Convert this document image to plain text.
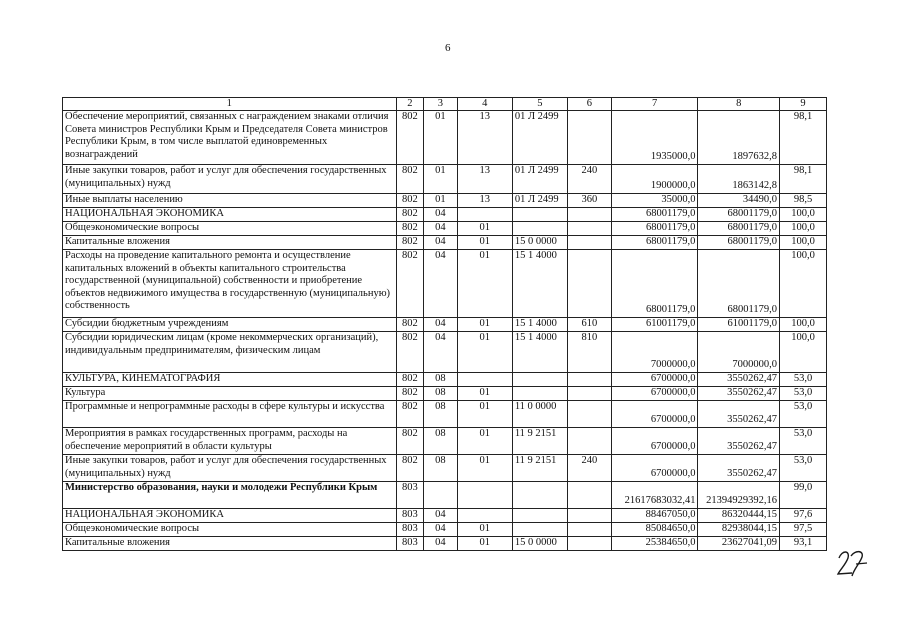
6
1	2	3	4	5	6	7	8	9
Обеспечение мероприятий, связанных с награждением знаками отличия Совета министров Республики Крым и Председателя Совета министров Республики Крым, в том числе выплатой единовременных вознаграждений	802	01	13	01 Л 2499		1935000,0	1897632,8	98,1
Иные закупки товаров, работ и услуг для обеспечения государственных (муниципальных) нужд	802	01	13	01 Л 2499	240	1900000,0	1863142,8	98,1
Иные выплаты населению	802	01	13	01 Л 2499	360	35000,0	34490,0	98,5
НАЦИОНАЛЬНАЯ ЭКОНОМИКА	802	04				68001179,0	68001179,0	100,0
Общеэкономические вопросы	802	04	01			68001179,0	68001179,0	100,0
Капитальные вложения	802	04	01	15 0 0000		68001179,0	68001179,0	100,0
Расходы на проведение капитального ремонта и осуществление капитальных вложений в объекты капитального строительства государственной (муниципальной) собственности и приобретение объектов недвижимого имущества в государственную (муниципальную) собственность	802	04	01	15 1 4000		68001179,0	68001179,0	100,0
Субсидии бюджетным учреждениям	802	04	01	15 1 4000	610	61001179,0	61001179,0	100,0
Субсидии юридическим лицам (кроме некоммерческих организаций), индивидуальным предпринимателям, физическим лицам	802	04	01	15 1 4000	810	7000000,0	7000000,0	100,0
КУЛЬТУРА, КИНЕМАТОГРАФИЯ	802	08				6700000,0	3550262,47	53,0
Культура	802	08	01			6700000,0	3550262,47	53,0
Программные и непрограммные расходы в сфере культуры и искусства	802	08	01	11 0 0000		6700000,0	3550262,47	53,0
Мероприятия в рамках государственных программ, расходы на обеспечение мероприятий в области культуры	802	08	01	11 9 2151		6700000,0	3550262,47	53,0
Иные закупки товаров, работ и услуг для обеспечения государственных (муниципальных) нужд	802	08	01	11 9 2151	240	6700000,0	3550262,47	53,0
Министерство образования, науки и молодежи Республики Крым	803					21617683032,41	21394929392,16	99,0
НАЦИОНАЛЬНАЯ ЭКОНОМИКА	803	04				88467050,0	86320444,15	97,6
Общеэкономические вопросы	803	04	01			85084650,0	82938044,15	97,5
Капитальные вложения	803	04	01	15 0 0000		25384650,0	23627041,09	93,1
